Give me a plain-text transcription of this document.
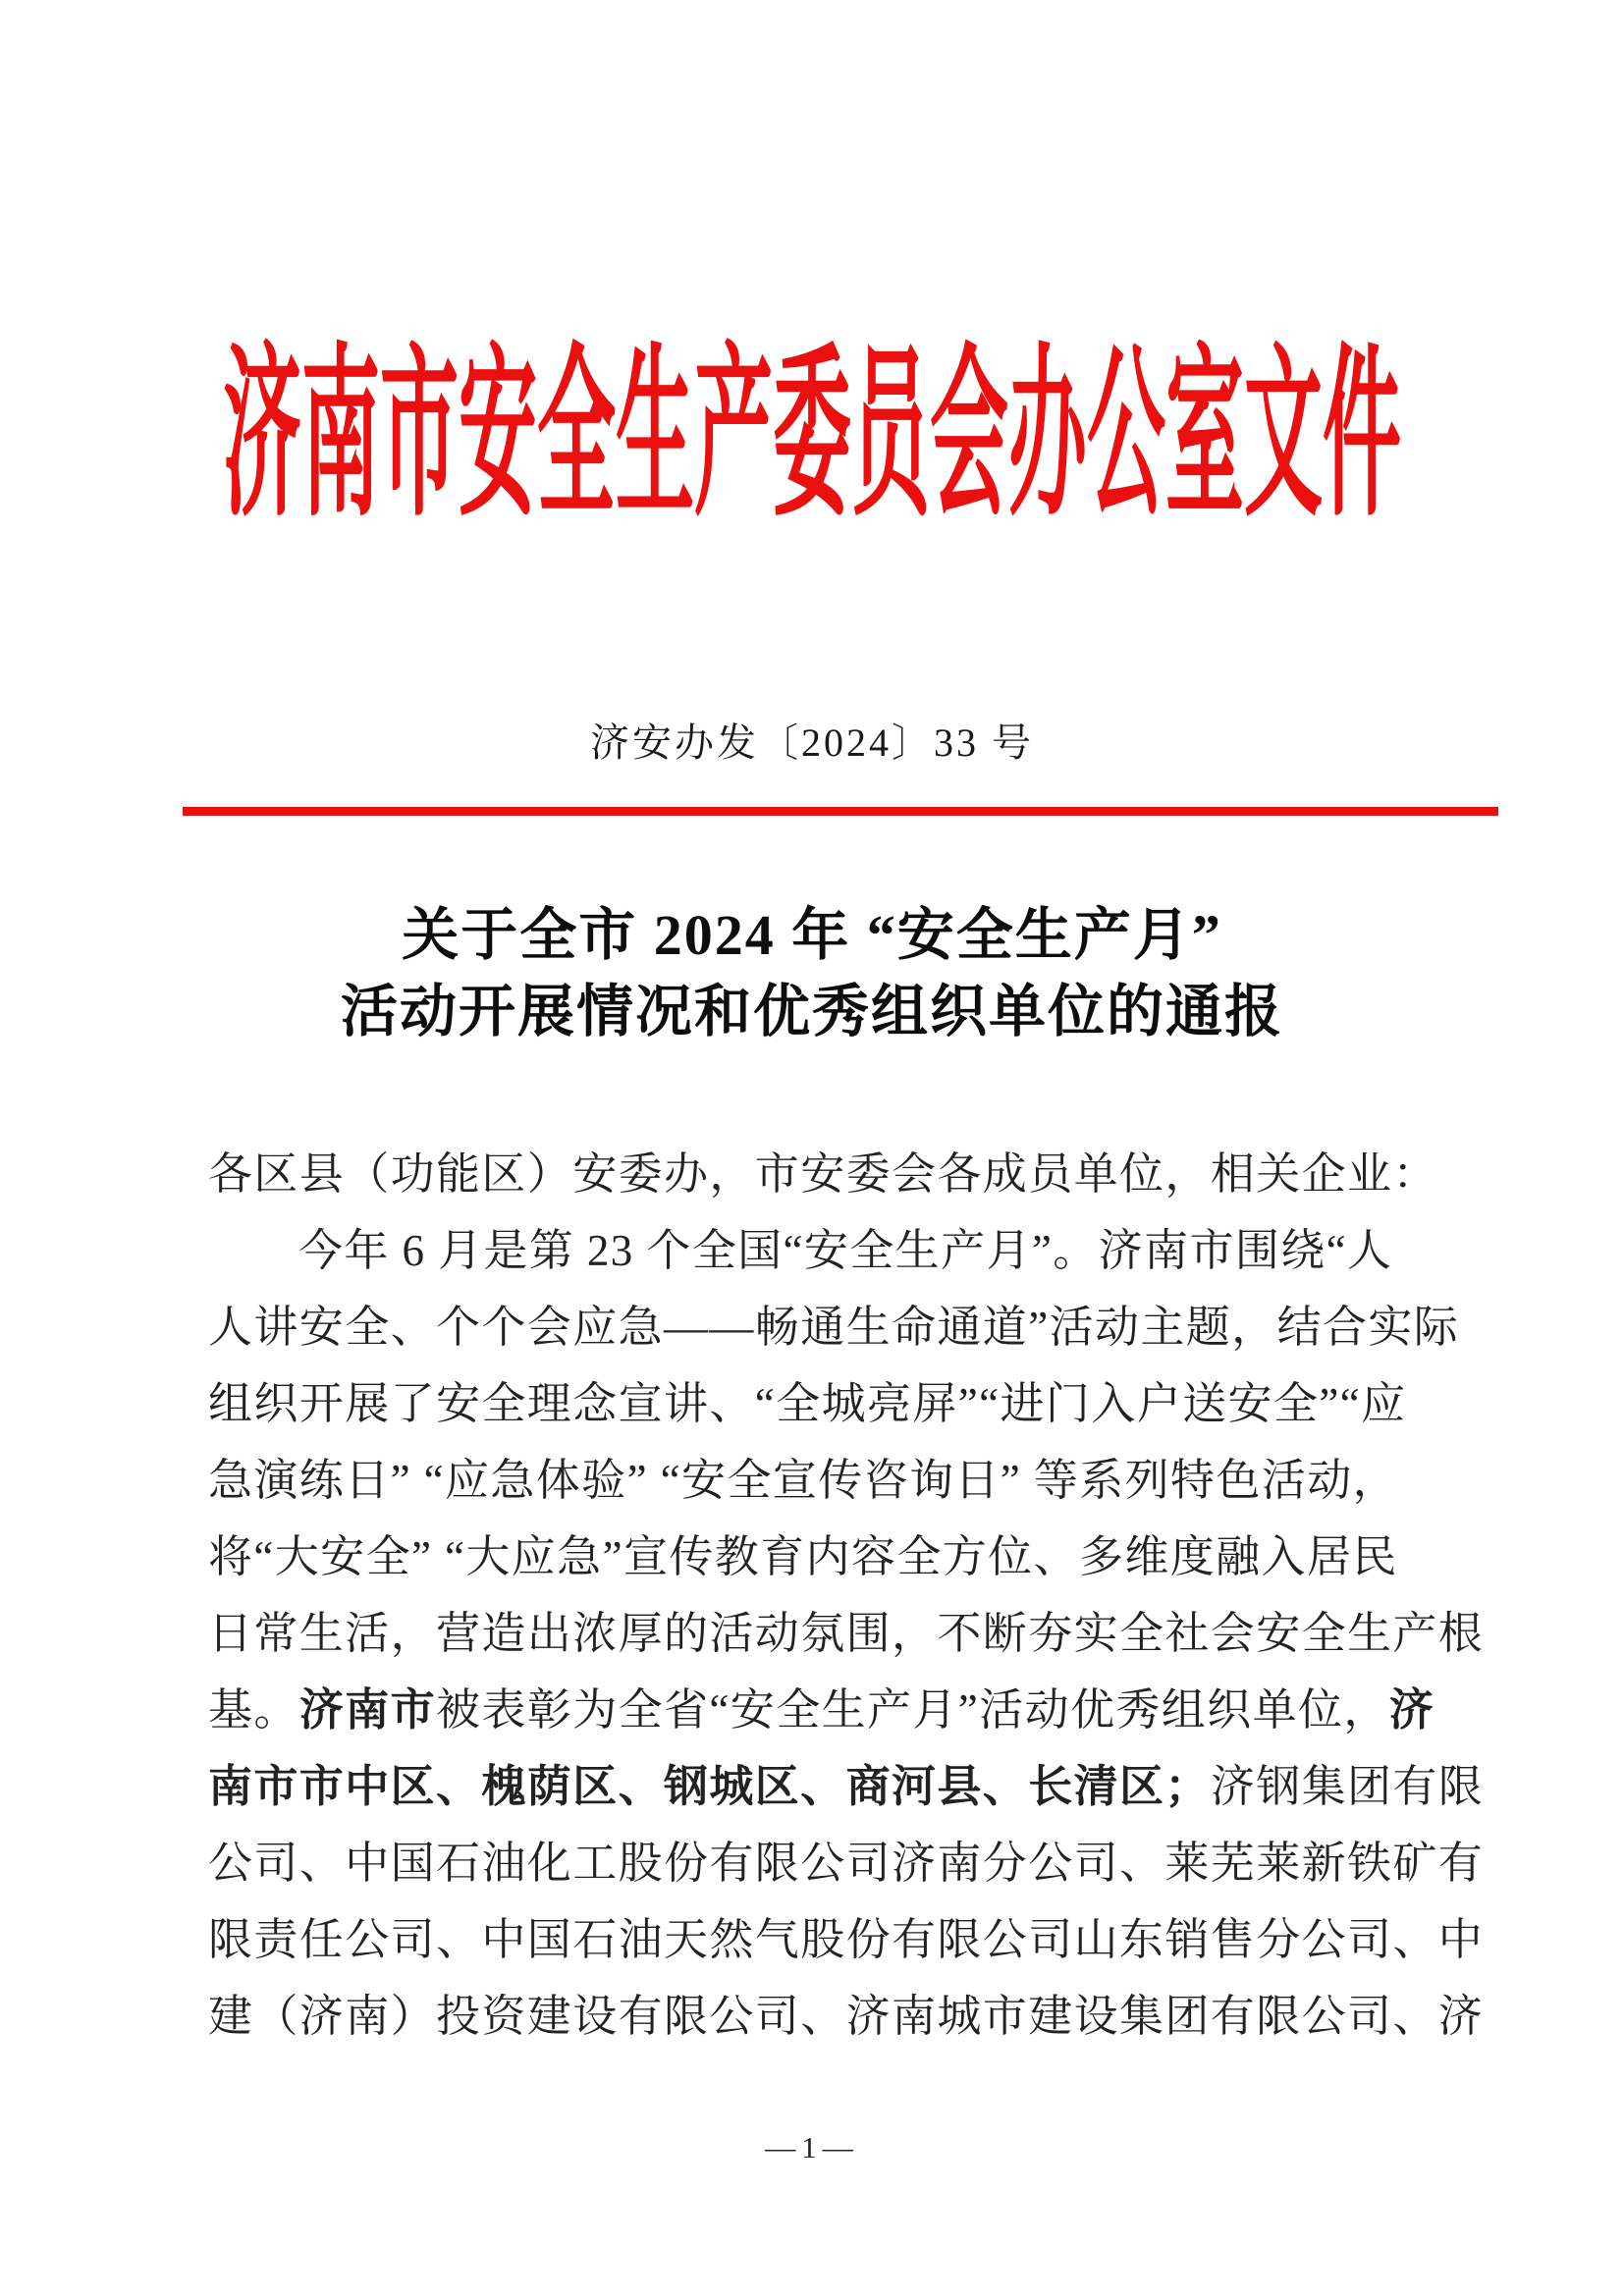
济南市安全生产委员会办公室文件
济安办发〔2024〕33 号
关于全市 2024 年 “安全生产月”
活动开展情况和优秀组织单位的通报
各区县（功能区）安委办，市安委会各成员单位，相关企业：
今年 6 月是第 23 个全国“安全生产月”。济南市围绕“人
人讲安全、个个会应急——畅通生命通道”活动主题，结合实际
组织开展了安全理念宣讲、“全城亮屏”“进门入户送安全”“应
急演练日” “应急体验” “安全宣传咨询日” 等系列特色活动，
将“大安全” “大应急”宣传教育内容全方位、多维度融入居民
日常生活，营造出浓厚的活动氛围，不断夯实全社会安全生产根
基。济南市被表彰为全省“安全生产月”活动优秀组织单位，济
南市市中区、槐荫区、钢城区、商河县、长清区；济钢集团有限
公司、中国石油化工股份有限公司济南分公司、莱芜莱新铁矿有
限责任公司、中国石油天然气股份有限公司山东销售分公司、中
建（济南）投资建设有限公司、济南城市建设集团有限公司、济
—1—
